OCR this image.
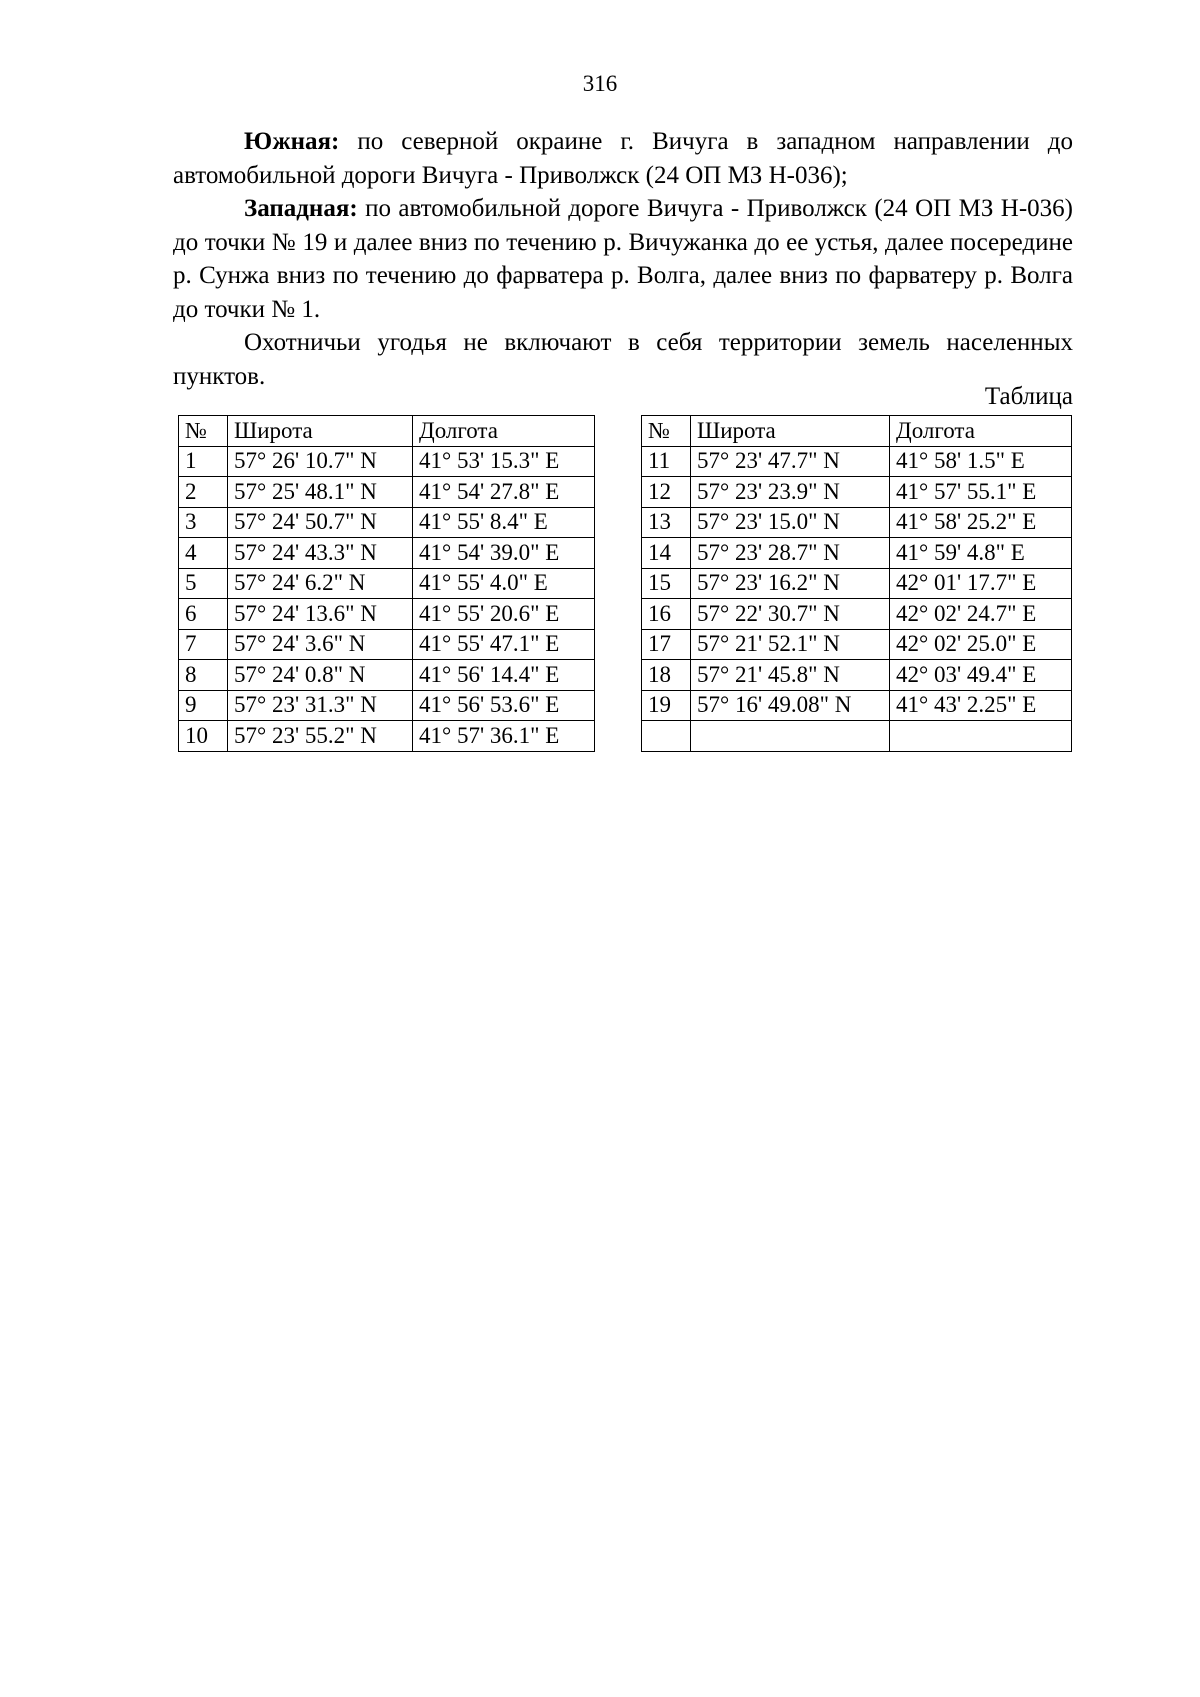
316

Южная: по северной окраине г. Вичуга в западном направлении до автомобильной дороги Вичуга - Приволжск (24 ОП МЗ Н-036);

Западная: по автомобильной дороге Вичуга - Приволжск (24 ОП МЗ Н-036) до точки № 19 и далее вниз по течению р. Вичужанка до ее устья, далее посередине р. Сунжа вниз по течению до фарватера р. Волга, далее вниз по фарватеру р. Волга до точки № 1.

Охотничьи угодья не включают в себя территории земель населенных пунктов.

Таблица
№	Широта	Долгота		№	Широта	Долгота
1	57° 26' 10.7" N	41° 53' 15.3" E		11	57° 23' 47.7" N	41° 58' 1.5" E
2	57° 25' 48.1" N	41° 54' 27.8" E		12	57° 23' 23.9" N	41° 57' 55.1" E
3	57° 24' 50.7" N	41° 55' 8.4" E		13	57° 23' 15.0" N	41° 58' 25.2" E
4	57° 24' 43.3" N	41° 54' 39.0" E		14	57° 23' 28.7" N	41° 59' 4.8" E
5	57° 24' 6.2" N	41° 55' 4.0" E		15	57° 23' 16.2" N	42° 01' 17.7" E
6	57° 24' 13.6" N	41° 55' 20.6" E		16	57° 22' 30.7" N	42° 02' 24.7" E
7	57° 24' 3.6" N	41° 55' 47.1" E		17	57° 21' 52.1" N	42° 02' 25.0" E
8	57° 24' 0.8" N	41° 56' 14.4" E		18	57° 21' 45.8" N	42° 03' 49.4" E
9	57° 23' 31.3" N	41° 56' 53.6" E		19	57° 16' 49.08" N	41° 43' 2.25" E
10	57° 23' 55.2" N	41° 57' 36.1" E				
